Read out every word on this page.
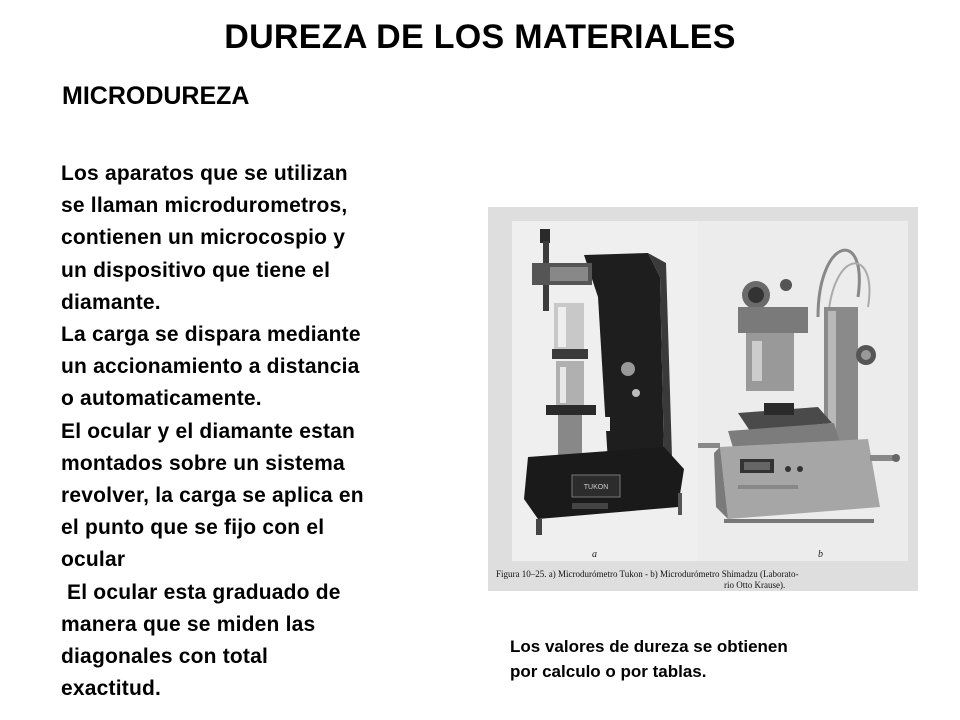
DUREZA DE LOS MATERIALES
MICRODUREZA

Los aparatos que se utilizan

se llaman microdurometros,

contienen un microcospio y

un dispositivo que tiene el

diamante.

La carga se dispara mediante

un accionamiento a distancia

o automaticamente.

El ocular y el diamante estan

montados sobre un sistema

revolver, la carga se aplica en

el punto que se fijo con el

ocular

El ocular esta graduado de

manera que se miden las

diagonales con total

exactitud.

TUKON
a	b
Figura 10–25. a) Microdurómetro Tukon - b) Microdurómetro Shimadzu (Laborato-
rio Otto Krause).

Los valores de dureza se obtienen

por calculo o por tablas.
